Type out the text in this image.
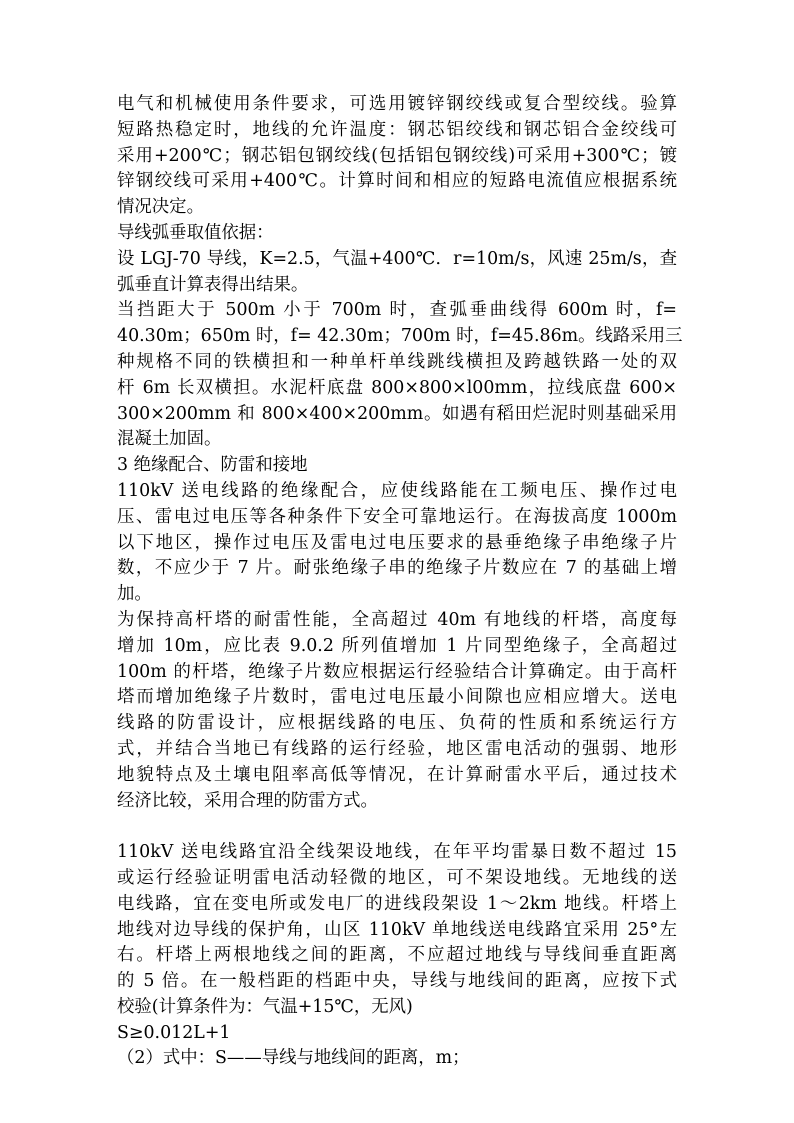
电气和机械使用条件要求，可选用镀锌钢绞线或复合型绞线。验算
短路热稳定时，地线的允许温度：钢芯铝绞线和钢芯铝合金绞线可
采用+200℃；钢芯铝包钢绞线(包括铝包钢绞线)可采用+300℃；镀
锌钢绞线可采用+400℃。计算时间和相应的短路电流值应根据系统
情况决定。
导线弧垂取值依据：
设 LGJ-70 导线，K=2.5，气温+400℃．r=10m/s，风速 25m/s，查
弧垂直计算表得出结果。
当挡距大于 500m 小于 700m 时，查弧垂曲线得 600m 时，f=
40.30m；650m 时，f= 42.30m；700m 时，f=45.86m。线路采用三
种规格不同的铁横担和一种单杆单线跳线横担及跨越铁路一处的双
杆 6m 长双横担。水泥杆底盘 800×800×l00mm，拉线底盘 600×
300×200mm 和 800×400×200mm。如遇有稻田烂泥时则基础采用
混凝土加固。
3 绝缘配合、防雷和接地
110kV 送电线路的绝缘配合，应使线路能在工频电压、操作过电
压、雷电过电压等各种条件下安全可靠地运行。在海拔高度 1000m
以下地区，操作过电压及雷电过电压要求的悬垂绝缘子串绝缘子片
数，不应少于 7 片。耐张绝缘子串的绝缘子片数应在 7 的基础上增
加。
为保持高杆塔的耐雷性能，全高超过 40m 有地线的杆塔，高度每
增加 10m，应比表 9.0.2 所列值增加 1 片同型绝缘子，全高超过
100m 的杆塔，绝缘子片数应根据运行经验结合计算确定。由于高杆
塔而增加绝缘子片数时，雷电过电压最小间隙也应相应增大。送电
线路的防雷设计，应根据线路的电压、负荷的性质和系统运行方
式，并结合当地已有线路的运行经验，地区雷电活动的强弱、地形
地貌特点及土壤电阻率高低等情况，在计算耐雷水平后，通过技术
经济比较，采用合理的防雷方式。
110kV 送电线路宜沿全线架设地线，在年平均雷暴日数不超过 15
或运行经验证明雷电活动轻微的地区，可不架设地线。无地线的送
电线路，宜在变电所或发电厂的进线段架设 1～2km 地线。杆塔上
地线对边导线的保护角，山区 110kV 单地线送电线路宜采用 25°左
右。杆塔上两根地线之间的距离，不应超过地线与导线间垂直距离
的 5 倍。在一般档距的档距中央，导线与地线间的距离，应按下式
校验(计算条件为：气温+15℃，无风)
S≥0.012L+1
（2）式中：S——导线与地线间的距离，m；
